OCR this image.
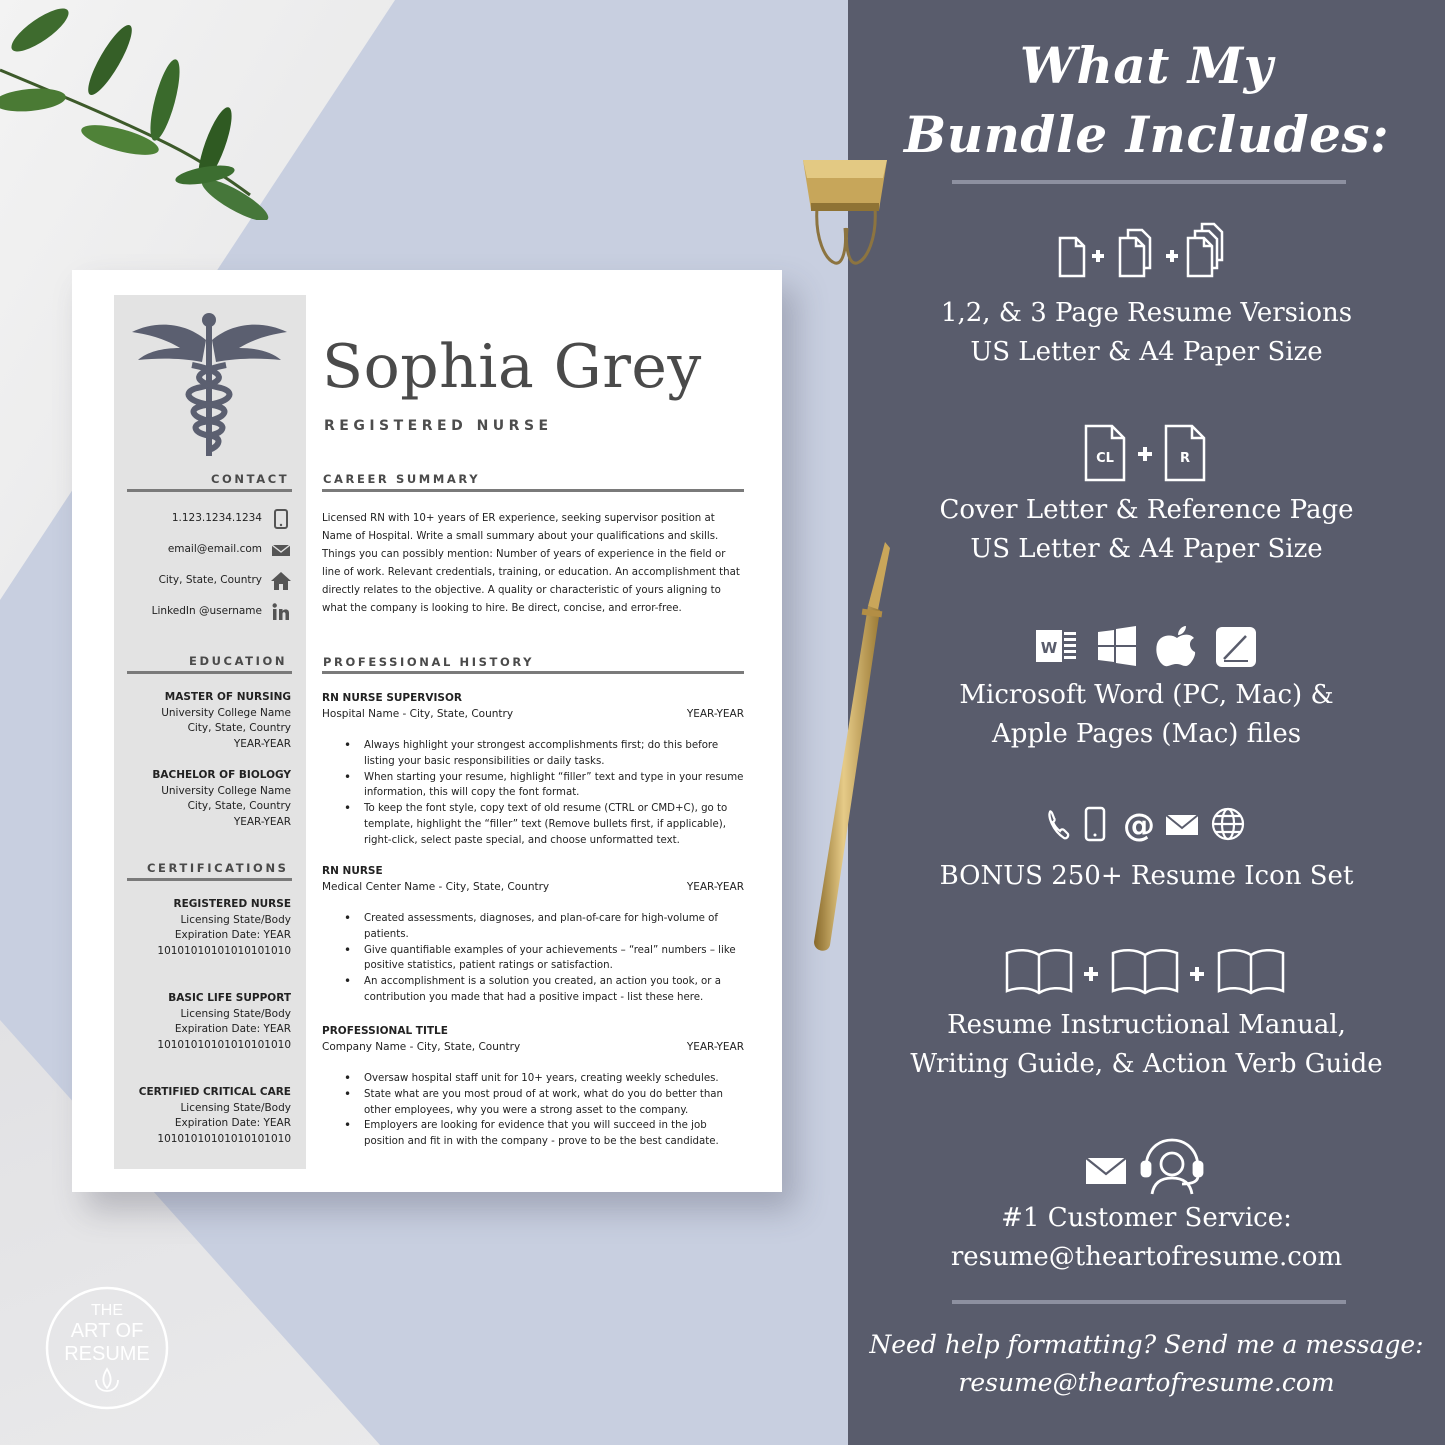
Sophia Grey
REGISTERED NURSE
CONTACT
1.123.1234.1234
email@email.com
City, State, Country
LinkedIn @username
EDUCATION
MASTER OF NURSING
University College Name
City, State, Country
YEAR-YEAR
BACHELOR OF BIOLOGY
University College Name
City, State, Country
YEAR-YEAR
CERTIFICATIONS
REGISTERED NURSE
Licensing State/Body
Expiration Date: YEAR
10101010101010101010
BASIC LIFE SUPPORT
Licensing State/Body
Expiration Date: YEAR
10101010101010101010
CERTIFIED CRITICAL CARE
Licensing State/Body
Expiration Date: YEAR
10101010101010101010
CAREER SUMMARY
Licensed RN with 10+ years of ER experience, seeking supervisor position at Name of Hospital. Write a small summary about your qualifications and skills. Things you can possibly mention: Number of years of experience in the field or line of work. Relevant credentials, training, or education. An accomplishment that directly relates to the objective. A quality or characteristic of yours aligning to what the company is looking to hire. Be direct, concise, and error-free.
PROFESSIONAL HISTORY
RN NURSE SUPERVISOR
Hospital Name - City, State, Country	YEAR-YEAR
• Always highlight your strongest accomplishments first; do this before listing your basic responsibilities or daily tasks.
• When starting your resume, highlight “filler” text and type in your resume information, this will copy the font format.
• To keep the font style, copy text of old resume (CTRL or CMD+C), go to template, highlight the “filler” text (Remove bullets first, if applicable), right-click, select paste special, and choose unformatted text.
RN NURSE
Medical Center Name - City, State, Country	YEAR-YEAR
• Created assessments, diagnoses, and plan-of-care for high-volume of patients.
• Give quantifiable examples of your achievements – “real” numbers – like positive statistics, patient ratings or satisfaction.
• An accomplishment is a solution you created, an action you took, or a contribution you made that had a positive impact - list these here.
PROFESSIONAL TITLE
Company Name - City, State, Country	YEAR-YEAR
• Oversaw hospital staff unit for 10+ years, creating weekly schedules.
• State what are you most proud of at work, what do you do better than other employees, why you were a strong asset to the company.
• Employers are looking for evidence that you will succeed in the job position and fit in with the company - prove to be the best candidate.
THE
ART OF
RESUME
What My
Bundle Includes:
1,2, & 3 Page Resume Versions
US Letter & A4 Paper Size
CL	R
Cover Letter & Reference Page
US Letter & A4 Paper Size
W
Microsoft Word (PC, Mac) &
Apple Pages (Mac) files
@
BONUS 250+ Resume Icon Set
Resume Instructional Manual,
Writing Guide, & Action Verb Guide
#1 Customer Service:
resume@theartofresume.com
Need help formatting? Send me a message:
resume@theartofresume.com
